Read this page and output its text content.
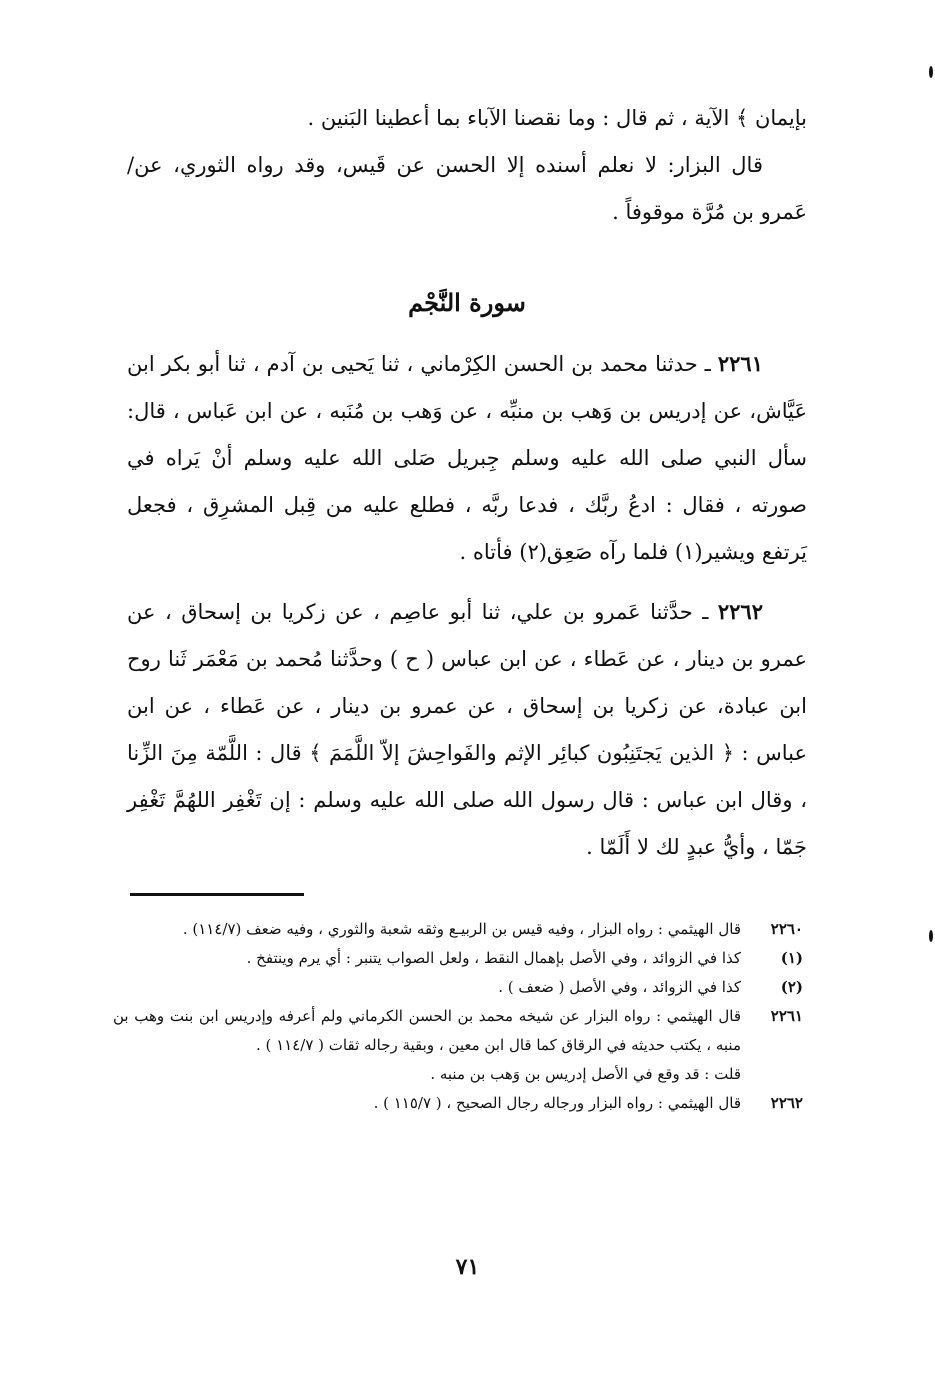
بإيمان ﴾ الآية ، ثم قال : وما نقصنا الآباء بما أعطينا البَنين .

قال البزار: لا نعلم أسنده إلا الحسن عن قَيس، وقد رواه الثوري، عن/ عَمرو بن مُرَّة موقوفاً .

سورة النَّجْم

٢٢٦١ ـ حدثنا محمد بن الحسن الكِرْماني ، ثنا يَحيى بن آدم ، ثنا أبو بكر ابن عَيَّاش، عن إدريس بن وَهب بن منبِّه ، عن وَهب بن مُنَبه ، عن ابن عَباس ، قال: سأل النبي صلى الله عليه وسلم جِبريل صَلى الله عليه وسلم أنْ يَراه في صورته ، فقال : ادعُ ربَّك ، فدعا ربَّه ، فطلع عليه من قِبل المشرِق ، فجعل يَرتفع ويشير(١) فلما رآه صَعِق(٢) فأتاه .

٢٢٦٢ ـ حدَّثنا عَمرو بن علي، ثنا أبو عاصِم ، عن زكريا بن إسحاق ، عن عمرو بن دينار ، عن عَطاء ، عن ابن عباس ( ح ) وحدَّثنا مُحمد بن مَعْمَر ثَنا روح ابن عبادة، عن زكريا بن إسحاق ، عن عمرو بن دينار ، عن عَطاء ، عن ابن عباس : ﴿ الذين يَجتَنِبُون كبائِر الإثم والفَواحِشَ إلاّ اللَّمَمَ ﴾ قال : اللَّمّة مِنَ الزِّنا ، وقال ابن عباس : قال رسول الله صلى الله عليه وسلم : إن تَغْفِر اللهُمَّ تَغْفِر جَمّا ، وأيُّ عبدٍ لك لا أَلَمّا .

٢٢٦٠
قال الهيثمي : رواه البزار ، وفيه قيس بن الربيـع وثقه شعبة والثوري ، وفيه ضعف (١١٤/٧) .
(١)
كذا في الزوائد ، وفي الأصل بإهمال النقط ، ولعل الصواب يتنبر : أي يرم وينتفخ .
(٢)
كذا في الزوائد ، وفي الأصل ( ضعف ) .
٢٢٦١
قال الهيثمي : رواه البزار عن شيخه محمد بن الحسن الكرماني ولم أعرفه وإدريس ابن بنت وهب بن منبه ، يكتب حديثه في الرقاق كما قال ابن معين ، وبقية رجاله ثقات ( ١١٤/٧ ) .
قلت : قد وقع في الأصل إدريس بن وَهب بن منبه .
٢٢٦٢
قال الهيثمي : رواه البزار ورجاله رجال الصحيح ، ( ١١٥/٧ ) .
٧١
